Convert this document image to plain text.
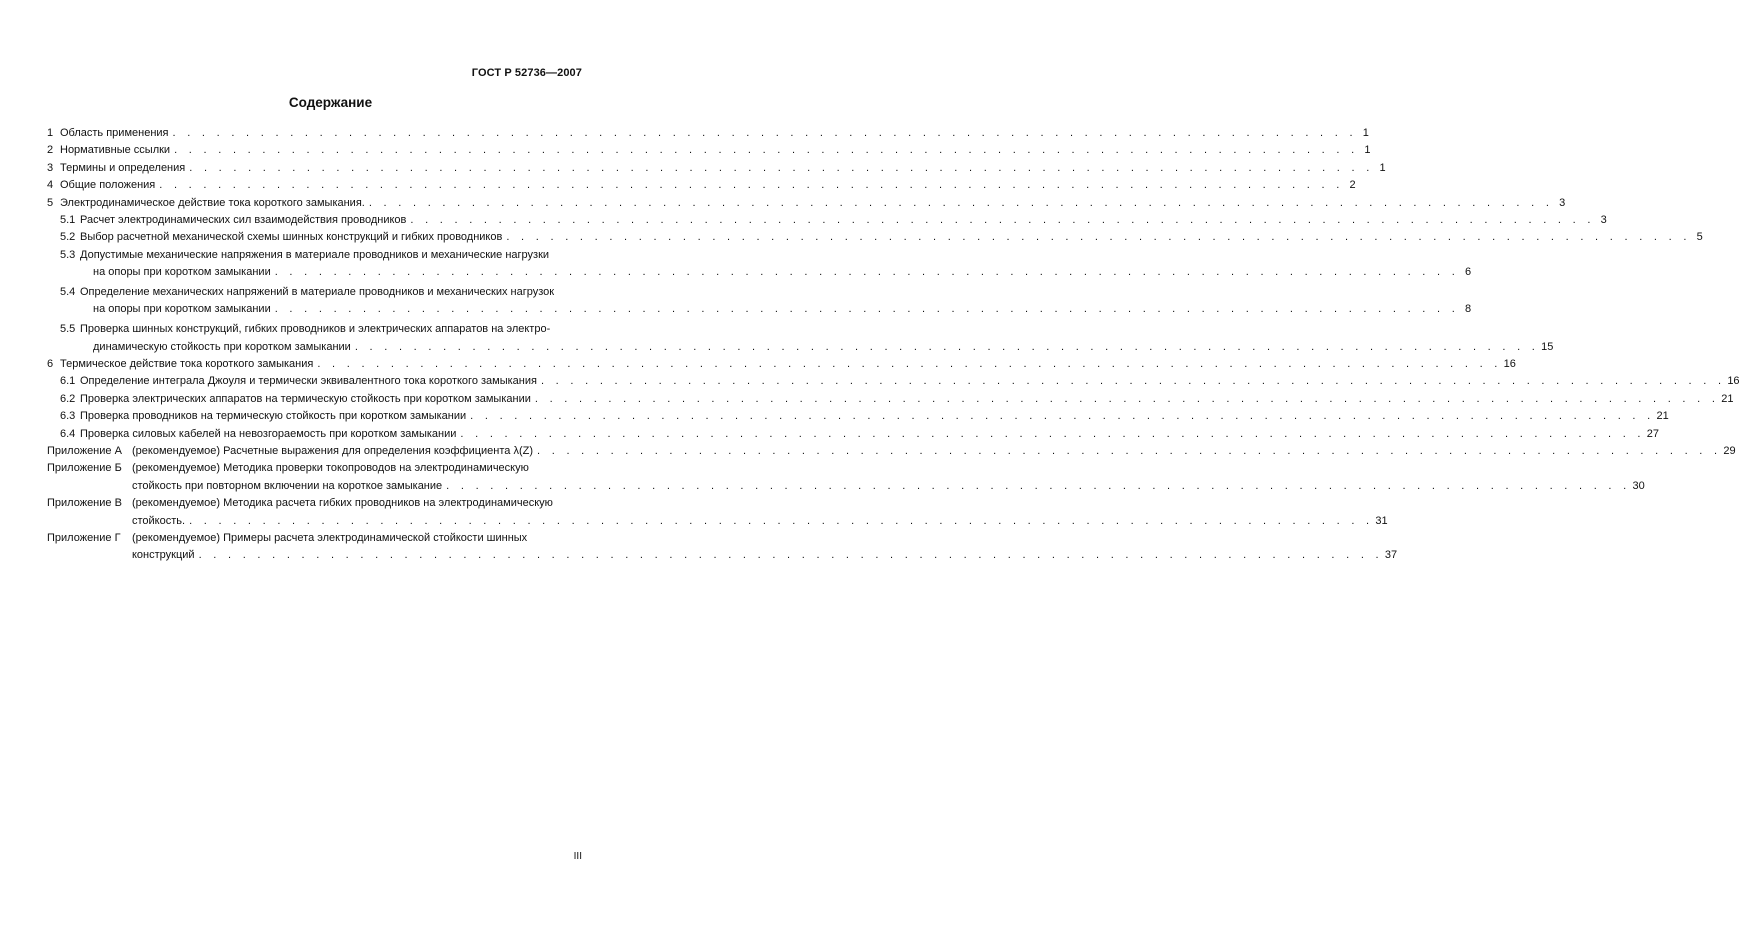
ГОСТ Р 52736—2007
Содержание
1 Область применения . . . . . . . . . . . . . . . . . . . . . . . . . . . . . . . . . . . . . . . . . . . . . . . . . . . . . . . . . . . . . . . . . . . . . . . . . . . . . . . . . 1
2 Нормативные ссылки . . . . . . . . . . . . . . . . . . . . . . . . . . . . . . . . . . . . . . . . . . . . . . . . . . . . . . . . . . . . . . . . . . . . . . . . . . . . . . . . . 1
3 Термины и определения . . . . . . . . . . . . . . . . . . . . . . . . . . . . . . . . . . . . . . . . . . . . . . . . . . . . . . . . . . . . . . . . . . . . . . . . . . . . . . . . . 1
4 Общие положения . . . . . . . . . . . . . . . . . . . . . . . . . . . . . . . . . . . . . . . . . . . . . . . . . . . . . . . . . . . . . . . . . . . . . . . . . . . . . . . . . 2
5 Электродинамическое действие тока короткого замыкания. . . . . . . . . . . . . . . . . . . . . . . . . . . . . . . . . . . . . . . . . . . . . . . . . . . . . . . . . . . . . . . . . . . . . . . . . . . . . . . . . . 3
5.1 Расчет электродинамических сил взаимодействия проводников . . . . . . . . . . . . . . . . . . . . . . . . . . . . . . . . . . . . . . . . . . . . . . . . . . . . . . . . . . . . . . . . . . . . . . . . . . . . . . . . . 3
5.2 Выбор расчетной механической схемы шинных конструкций и гибких проводников . . . . . . . . . . . . . . . . . . . . . . . . . . . . . . . . . . . . . . . . . . . . . . . . . . . . . . . . . . . . . . . . . . . . . . . . . . . . . . . . . 5
5.3 Допустимые механические напряжения в материале проводников и механические нагрузки
на опоры при коротком замыкании . . . . . . . . . . . . . . . . . . . . . . . . . . . . . . . . . . . . . . . . . . . . . . . . . . . . . . . . . . . . . . . . . . . . . . . . . . . . . . . . . 6
5.4 Определение механических напряжений в материале проводников и механических нагрузок
на опоры при коротком замыкании . . . . . . . . . . . . . . . . . . . . . . . . . . . . . . . . . . . . . . . . . . . . . . . . . . . . . . . . . . . . . . . . . . . . . . . . . . . . . . . . . 8
5.5 Проверка шинных конструкций, гибких проводников и электрических аппаратов на электро-
динамическую стойкость при коротком замыкании . . . . . . . . . . . . . . . . . . . . . . . . . . . . . . . . . . . . . . . . . . . . . . . . . . . . . . . . . . . . . . . . . . . . . . . . . . . . . . . . . 15
6 Термическое действие тока короткого замыкания . . . . . . . . . . . . . . . . . . . . . . . . . . . . . . . . . . . . . . . . . . . . . . . . . . . . . . . . . . . . . . . . . . . . . . . . . . . . . . . . . 16
6.1 Определение интеграла Джоуля и термически эквивалентного тока короткого замыкания . . . . . . . . . . . . . . . . . . . . . . . . . . . . . . . . . . . . . . . . . . . . . . . . . . . . . . . . . . . . . . . . . . . . . . . . . . . . . . . . . 16
6.2 Проверка электрических аппаратов на термическую стойкость при коротком замыкании . . . . . . . . . . . . . . . . . . . . . . . . . . . . . . . . . . . . . . . . . . . . . . . . . . . . . . . . . . . . . . . . . . . . . . . . . . . . . . . . . 21
6.3 Проверка проводников на термическую стойкость при коротком замыкании . . . . . . . . . . . . . . . . . . . . . . . . . . . . . . . . . . . . . . . . . . . . . . . . . . . . . . . . . . . . . . . . . . . . . . . . . . . . . . . . . 21
6.4 Проверка силовых кабелей на невозгораемость при коротком замыкании . . . . . . . . . . . . . . . . . . . . . . . . . . . . . . . . . . . . . . . . . . . . . . . . . . . . . . . . . . . . . . . . . . . . . . . . . . . . . . . . . 27
Приложение А (рекомендуемое) Расчетные выражения для определения коэффициента λ(Z) . . . . . . . . . . . . . . . . . . . . . . . . . . . . . . . . . . . . . . . . . . . . . . . . . . . . . . . . . . . . . . . . . . . . . . . . . . . . . . . . . 29
Приложение Б (рекомендуемое) Методика проверки токопроводов на электродинамическую
стойкость при повторном включении на короткое замыкание . . . . . . . . . . . . . . . . . . . . . . . . . . . . . . . . . . . . . . . . . . . . . . . . . . . . . . . . . . . . . . . . . . . . . . . . . . . . . . . . . 30
Приложение В (рекомендуемое) Методика расчета гибких проводников на электродинамическую
стойкость. . . . . . . . . . . . . . . . . . . . . . . . . . . . . . . . . . . . . . . . . . . . . . . . . . . . . . . . . . . . . . . . . . . . . . . . . . . . . . . . . . 31
Приложение Г	(рекомендуемое) Примеры расчета электродинамической стойкости шинных
конструкций . . . . . . . . . . . . . . . . . . . . . . . . . . . . . . . . . . . . . . . . . . . . . . . . . . . . . . . . . . . . . . . . . . . . . . . . . . . . . . . . . 37
III
